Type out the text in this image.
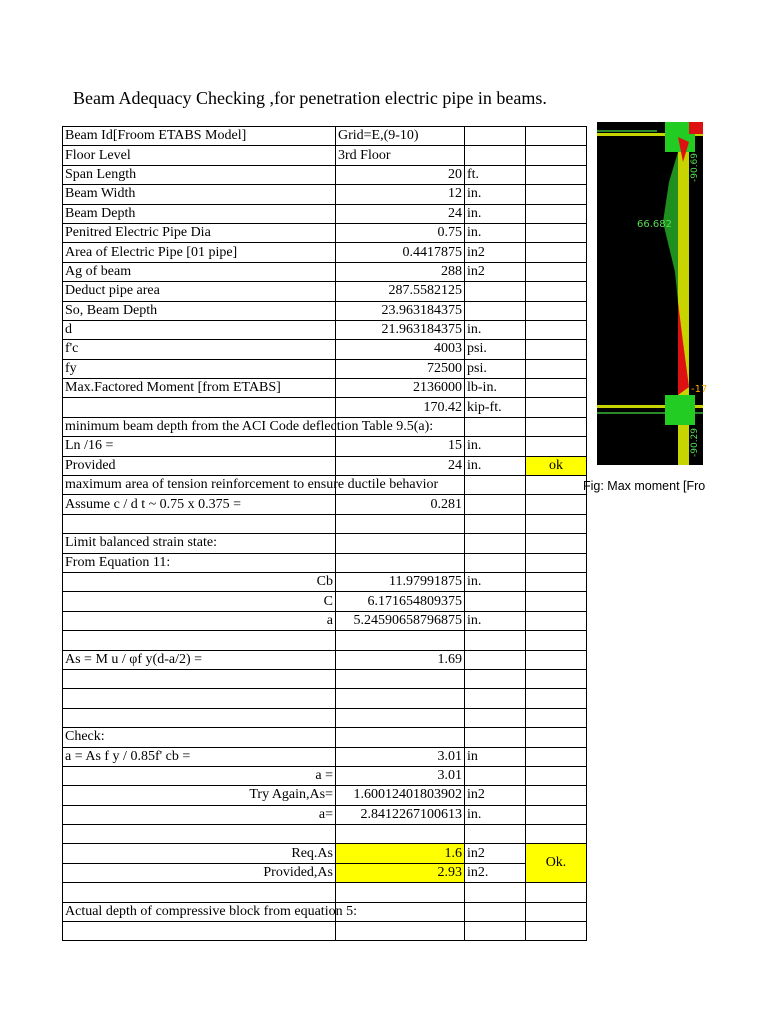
Beam Adequacy Checking ,for penetration electric pipe in beams.
Beam Id[Froom ETABS Model]	Grid=E,(9-10)		
Floor Level	3rd Floor		
Span Length	20	ft.	
Beam Width	12	in.	
Beam Depth	24	in.	
Penitred Electric Pipe Dia	0.75	in.	
Area of Electric Pipe [01 pipe]	0.4417875	in2	
Ag of beam	288	in2	
Deduct pipe area	287.5582125		
So, Beam Depth	23.963184375		
d	21.963184375	in.	
f'c	4003	psi.	
fy	72500	psi.	
Max.Factored Moment [from ETABS]	2136000	lb-in.	
	170.42	kip-ft.	

minimum beam depth from the ACI Code deflection Table 9.5(a):			

Ln /16 =	15	in.	
Provided	24	in.	ok

maximum area of tension reinforcement to ensure ductile behavior			

Assume c / d t ~ 0.75 x 0.375 =	0.281		

Limit balanced strain state:			
From Equation 11:			
Cb	11.97991875	in.	
C	6.171654809375		
a	5.24590658796875	in.	

As = M u / φf y(d-a/2) =	1.69		

Check:			
a = As f y / 0.85f' cb =	3.01	in	
a =	3.01		
Try Again,As=	1.60012401803902	in2	
a=	2.8412267100613	in.	

Req.As	1.6	in2	Ok.
Provided,As	2.93	in2.	

Actual depth of compressive block from equation 5:			

66.682
-90.69
-90.29
-17
Fig: Max moment [Fro
